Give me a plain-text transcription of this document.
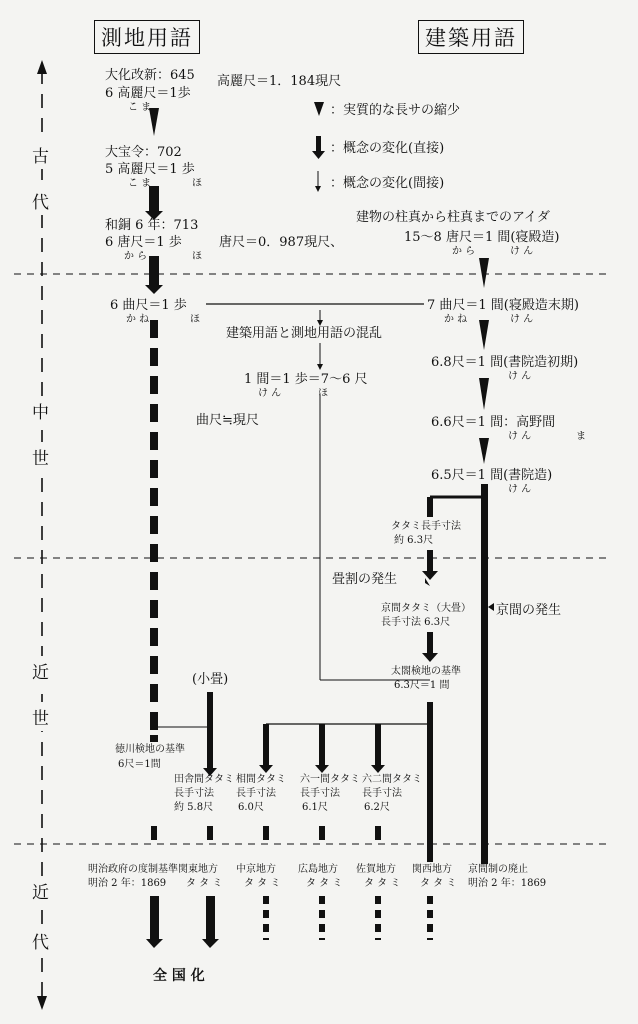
測地用語	建築用語
古
代
中
世
近
世
近
代
高麗尺＝1．184現尺
：実質的な長サの縮少
：概念の変化(直接)
：概念の変化(間接)
大化改新：645
6 高麗尺＝1歩
こ ま
大宝令：702
5 高麗尺＝1 歩
こ ま	ほ
和銅 6 年：713
6 唐尺＝1 歩
か ら	ほ
唐尺＝0．987現尺、
建物の柱真から柱真までのアイダ
15～8 唐尺＝1 間(寝殿造)
か ら	け ん
6 曲尺＝1 歩
か ね	ほ
7 曲尺＝1 間(寝殿造末期)
か ね	け ん
建築用語と測地用語の混乱
1 間＝1 歩＝7～6 尺
け ん	ほ
6.8尺＝1 間(書院造初期)
け ん
曲尺≒現尺	6.6尺＝1 間：高野間
け ん	ま
6.5尺＝1 間(書院造)
け ん
タタミ長手寸法
約 6.3尺
畳割の発生
京間タタミ（大畳）
長手寸法 6.3尺
京間の発生
太閤検地の基準
6.3尺＝1 間
(小畳)
徳川検地の基準
6尺＝1間
田舎間タタミ
長手寸法
約 5.8尺
相間タタミ
長手寸法
6.0尺
六一間タタミ
長手寸法
6.1尺
六二間タタミ
長手寸法
6.2尺
明治政府の度制基準
明治 2 年：1869
関東地方
タ タ ミ
中京地方
タ タ ミ
広島地方
タ タ ミ
佐賀地方
タ タ ミ
関西地方
タ タ ミ
京間制の廃止
明治 2 年：1869
全 国 化
